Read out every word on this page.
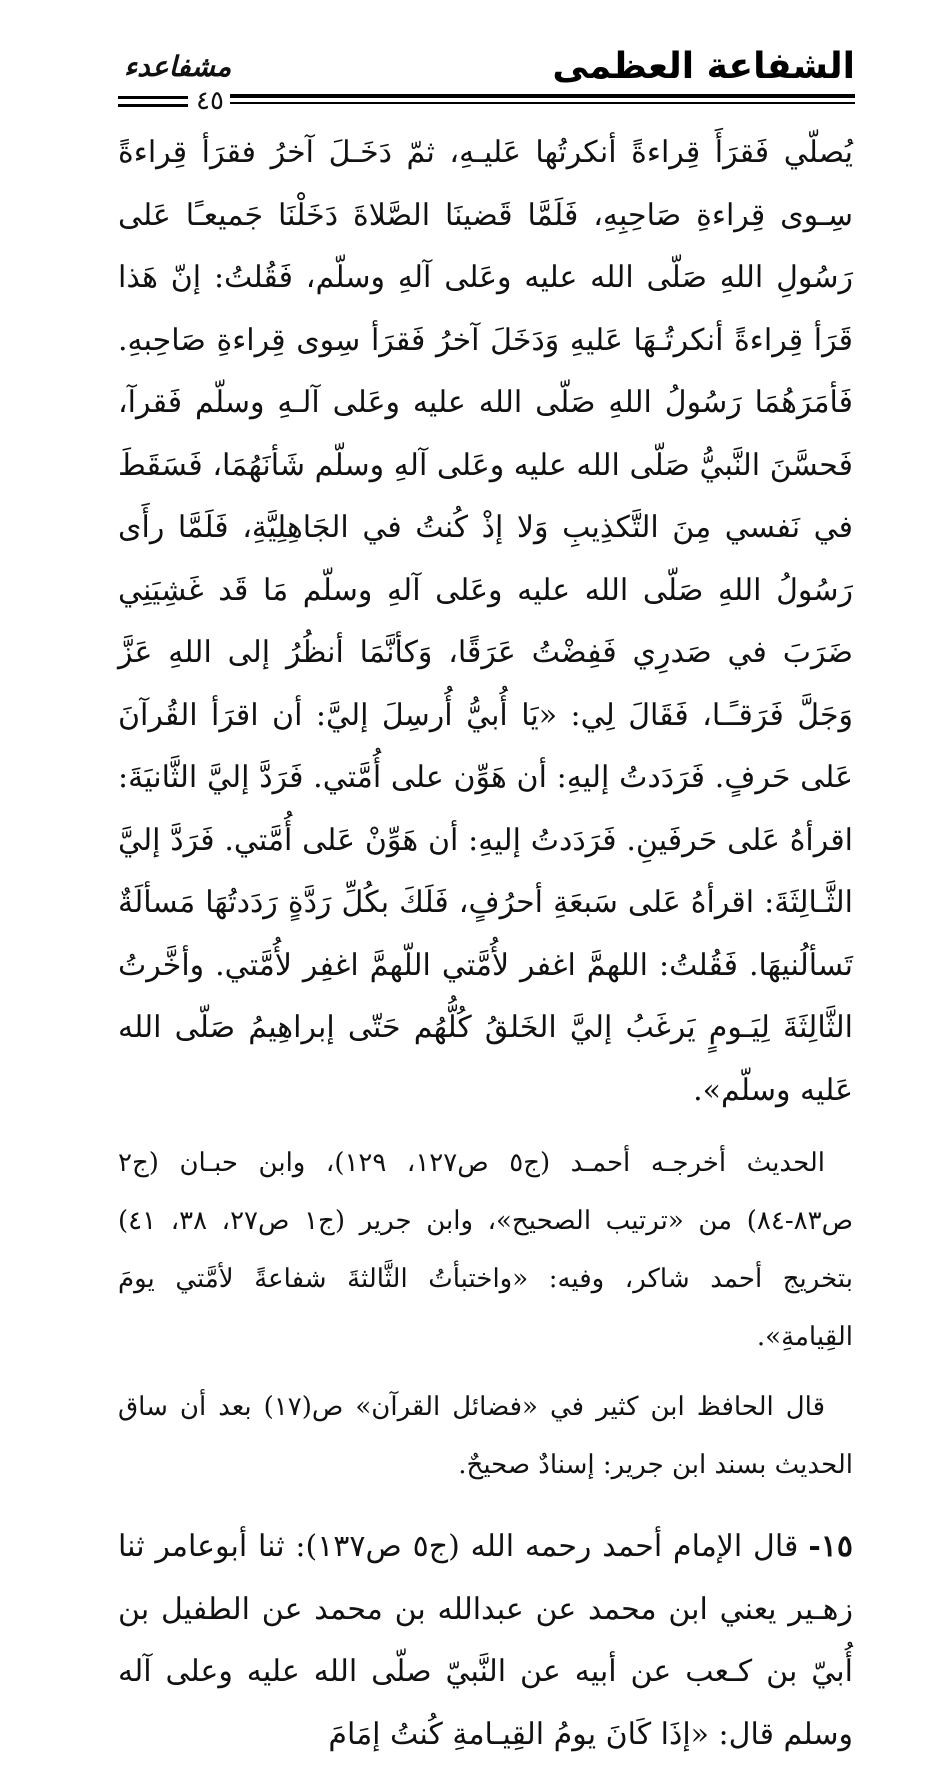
الشفاعة العظمى
مشفاعدء
٤٥

يُصلّي فَقرَأَ قِراءةً أنكرتُها عَليـهِ، ثمّ دَخَـلَ آخرُ فقرَأ قِراءةً سِـوى قِراءةِ صَاحِبِهِ، فَلَمَّا قَضينَا الصَّلاةَ دَخَلْنَا جَميعـًا عَلى رَسُولِ اللهِ صَلّى الله عليه وعَلى آلهِ وسلّم، فَقُلتُ: إنّ هَذا قَرَأ قِراءةً أنكرتُـهَا عَليهِ وَدَخَلَ آخرُ فَقرَأ سِوى قِراءةِ صَاحِبهِ. فَأمَرَهُمَا رَسُولُ اللهِ صَلّى الله عليه وعَلى آلـهِ وسلّم فَقرآ، فَحسَّنَ النَّبيُّ صَلّى الله عليه وعَلى آلهِ وسلّم شَأنَهُمَا، فَسَقَطَ في نَفسي مِنَ التَّكذِيبِ وَلا إذْ كُنتُ في الجَاهِلِيَّةِ، فَلَمَّا رأَى رَسُولُ اللهِ صَلّى الله عليه وعَلى آلهِ وسلّم مَا قَد غَشِيَنِي ضَرَبَ في صَدرِي فَفِضْتُ عَرَقًا، وَكأنَّمَا أنظُرُ إلى اللهِ عَزَّ وَجَلَّ فَرَقـًـا، فَقَالَ لِي: «يَا أُبيُّ أُرسِلَ إليَّ: أن اقرَأ القُرآنَ عَلى حَرفٍ. فَرَدَدتُ إليهِ: أن هَوِّن على أُمَّتي. فَرَدَّ إليَّ الثَّانيَةَ: اقرأهُ عَلى حَرفَينِ. فَرَدَدتُ إليهِ: أن هَوِّنْ عَلى أُمَّتي. فَرَدَّ إليَّ الثَّـالِثَةَ: اقرأهُ عَلى سَبعَةِ أحرُفٍ، فَلَكَ بكُلِّ رَدَّةٍ رَدَدتُهَا مَسألَةٌ تَسألُنيهَا. فَقُلتُ: اللهمَّ اغفر لأُمَّتي اللّهمَّ اغفِر لأُمَّتي. وأخَّرتُ الثَّالِثَةَ لِيَـومٍ يَرغَبُ إليَّ الخَلقُ كُلُّهُم حَتّى إبراهِيمُ صَلّى الله عَليه وسلّم».

الحديث أخرجـه أحمـد (ج٥ ص١٢٧، ١٢٩)، وابن حبـان (ج٢ ص٨٣-٨٤) من «ترتيب الصحيح»، وابن جرير (ج١ ص٢٧، ٣٨، ٤١) بتخريج أحمد شاكر، وفيه: «واختبأتُ الثَّالثةَ شفاعةً لأمَّتي يومَ القِيامةِ».

قال الحافظ ابن كثير في «فضائل القرآن» ص(١٧) بعد أن ساق الحديث بسند ابن جرير: إسنادٌ صحيحٌ.

١٥-قال الإمام أحمد رحمه الله (ج٥ ص١٣٧): ثنا أبوعامر ثنا زهـير يعني ابن محمد عن عبدالله بن محمد عن الطفيل بن أُبيّ بن كـعب عن أبيه عن النَّبيّ صلّى الله عليه وعلى آله وسلم قال: «إذَا كَانَ يومُ القِيـامةِ كُنتُ إمَامَ
